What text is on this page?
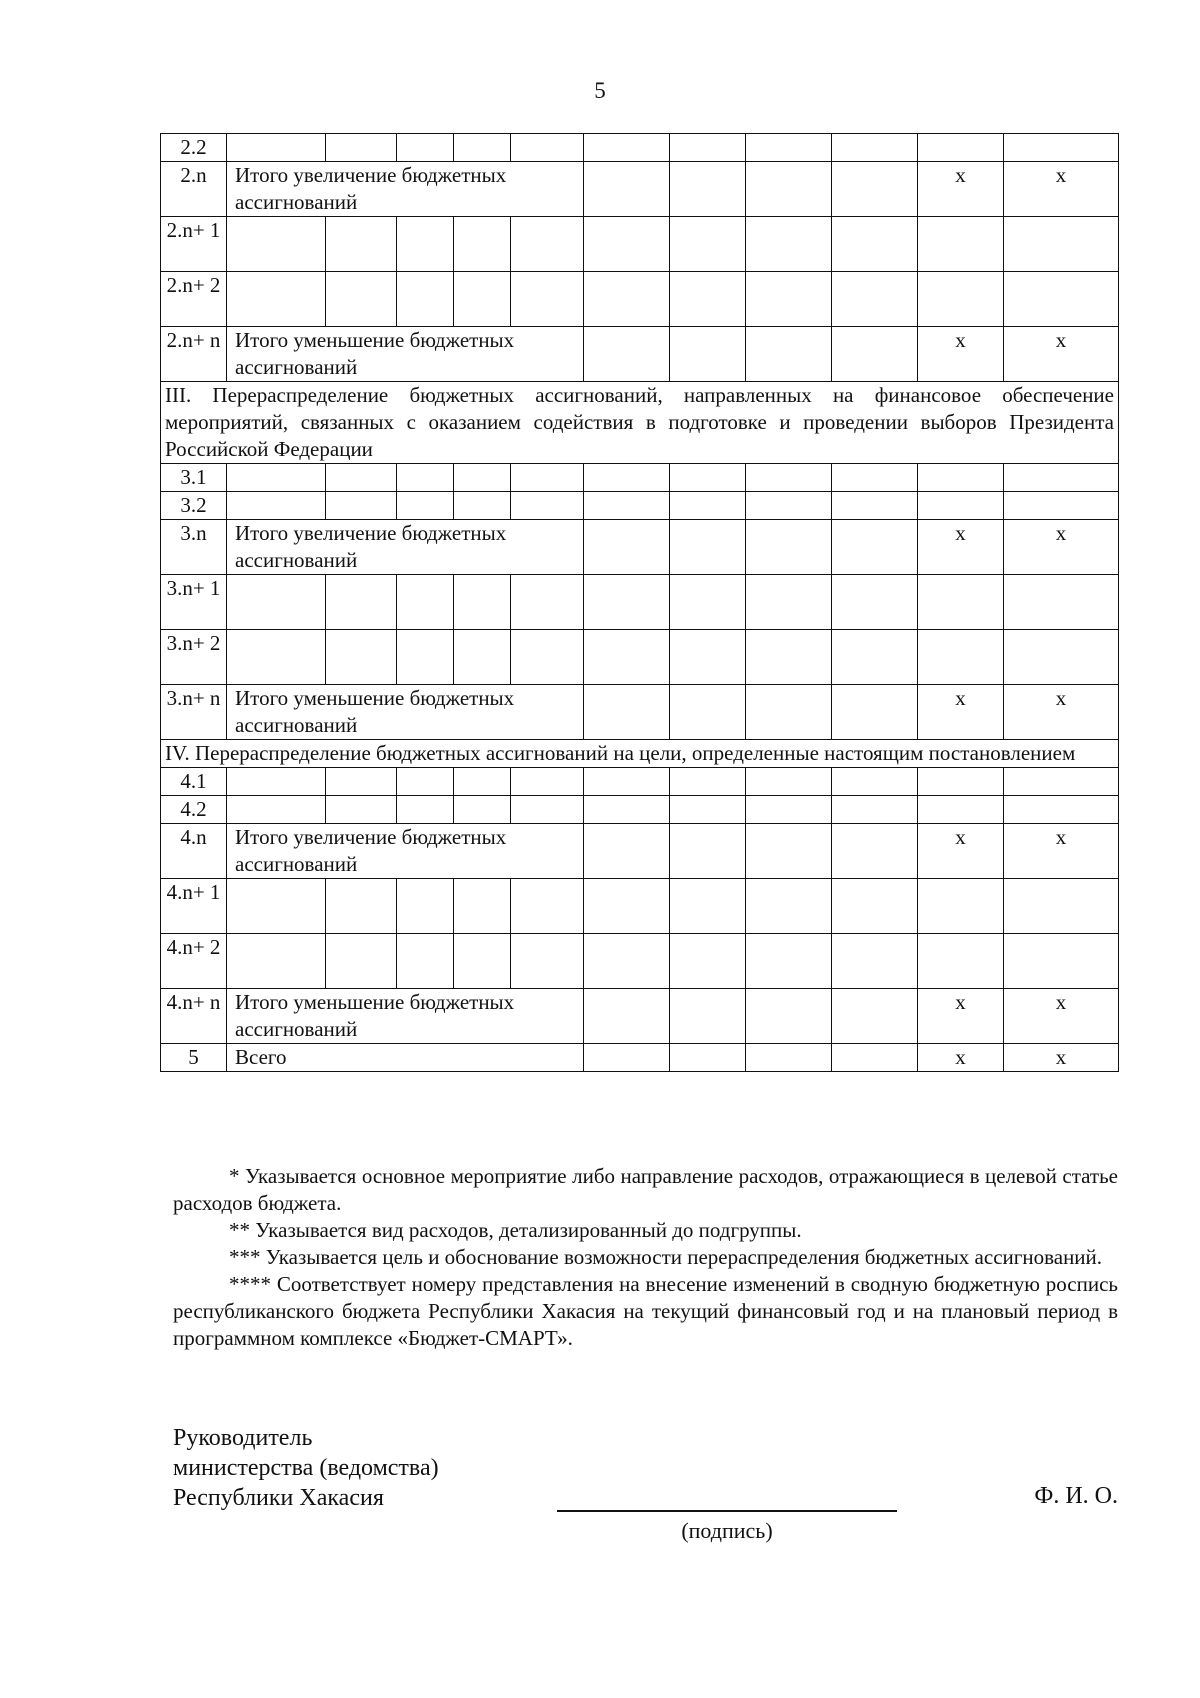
5
2.2											
2.n	Итого увеличение бюджетных ассигнований									х	х
2.n+ 1											
2.n+ 2											
2.n+ n	Итого уменьшение бюджетных ассигнований									х	х
III. Перераспределение бюджетных ассигнований, направленных на финансовое обеспечение мероприятий, связанных с оказанием содействия в подготовке и проведении выборов Президента Российской Федерации											
3.1											
3.2											
3.n	Итого увеличение бюджетных ассигнований									х	х
3.n+ 1											
3.n+ 2											
3.n+ n	Итого уменьшение бюджетных ассигнований									х	х
IV. Перераспределение бюджетных ассигнований на цели, определенные настоящим постановлением											
4.1											
4.2											
4.n	Итого увеличение бюджетных ассигнований									х	х
4.n+ 1											
4.n+ 2											
4.n+ n	Итого уменьшение бюджетных ассигнований									х	х
5	Всего									х	х

* Указывается основное мероприятие либо направление расходов, отражающиеся в целевой статье расходов бюджета.

** Указывается вид расходов, детализированный до подгруппы.

*** Указывается цель и обоснование возможности перераспределения бюджетных ассигнований.

**** Соответствует номеру представления на внесение изменений в сводную бюджетную роспись республиканского бюджета Республики Хакасия на текущий финансовый год и на плановый период в программном комплексе «Бюджет-СМАРТ».

Руководитель
министерства (ведомства)
Республики Хакасия
(подпись)
Ф. И. О.
